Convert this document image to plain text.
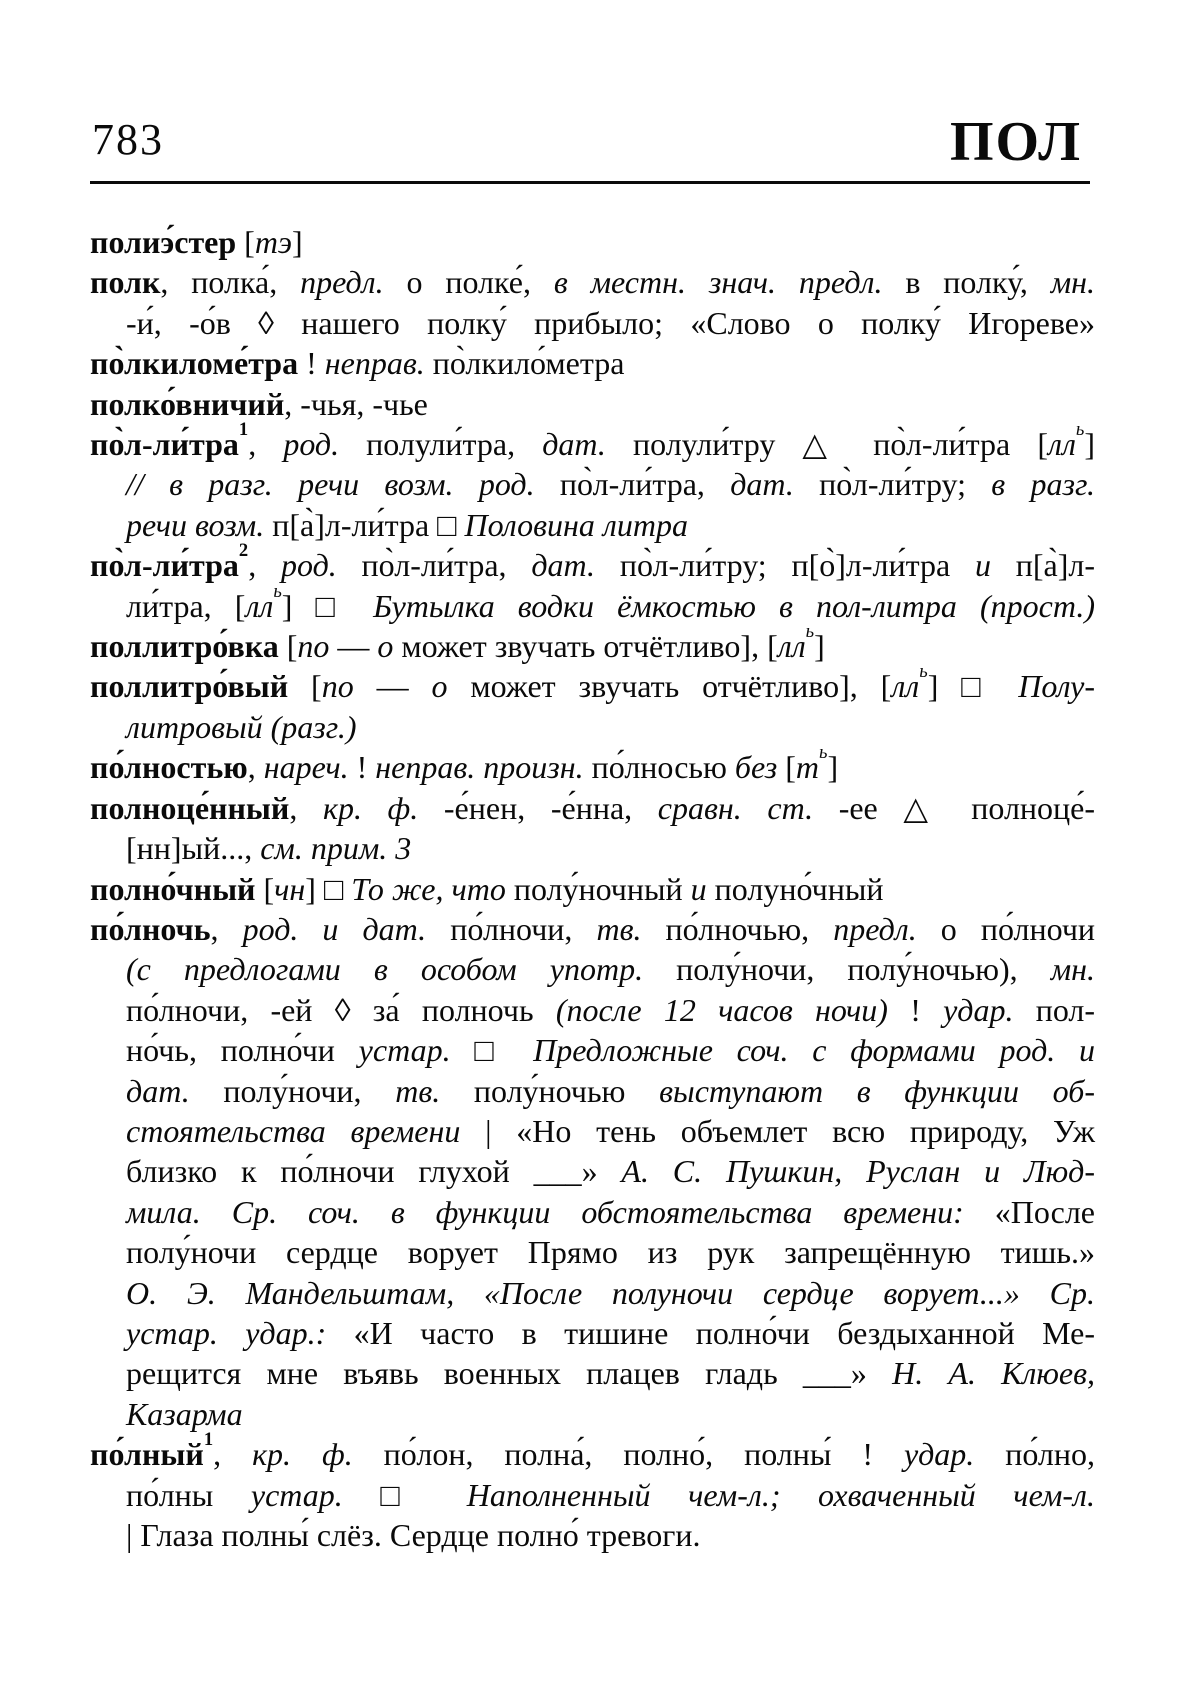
783	ПОЛ
полиэ́стер [тэ]
полк, полка́, предл. о полке́, в местн. знач. предл. в полку́, мн.
-и́, -о́в ◊ нашего полку́ прибыло; «Слово о полку́ Игореве»
по̀лкиломе́тра ! неправ. по̀лкило́метра
полко́вничий, -чья, -чье
по̀л-ли́тра$^1$, род. полули́тра, дат. полули́тру △ по̀л-ли́тра $[лл^ь]$
// в разг. речи возм. род. по̀л-ли́тра, дат. по̀л-ли́тру; в разг.
речи возм. п[а̀]л-ли́тра □ Половина литра
по̀л-ли́тра$^2$, род. по̀л-ли́тра, дат. по̀л-ли́тру; п[о̀]л-ли́тра и п[а̀]л-
ли́тра, $[лл^ь]$ □ Бутылка водки ёмкостью в пол-литра (прост.)
поллитро́вка [по — о может звучать отчётливо], $[лл^ь]$
поллитро́вый [по — о может звучать отчётливо], $[лл^ь]$ □ Полу-
литровый (разг.)
по́лностью, нареч. ! неправ. произн. по́лносью без $[т^ь]$
полноце́нный, кр. ф. -е́нен, -е́нна, сравн. ст. -ее △ полноце́-
[нн]ый..., см. прим. 3
полно́чный [чн] □ То же, что полу́ночный и полуно́чный
по́лночь, род. и дат. по́лночи, тв. по́лночью, предл. о по́лночи
(с предлогами в особом употр. полу́ночи, полу́ночью), мн.
по́лночи, -ей ◊ за́ полночь (после 12 часов ночи) ! удар. пол-
но́чь, полно́чи устар. □ Предложные соч. с формами род. и
дат. полу́ночи, тв. полу́ночью выступают в функции об-
стоятельства времени | «Но тень объемлет всю природу, Уж
близко к по́лночи глухой ___» А. С. Пушкин, Руслан и Люд-
мила. Ср. соч. в функции обстоятельства времени: «После
полу́ночи сердце ворует Прямо из рук запрещённую тишь.»
О. Э. Мандельштам, «После полуночи сердце ворует...» Ср.
устар. удар.: «И часто в тишине полно́чи бездыханной Ме-
рещится мне въявь военных плацев гладь ___» Н. А. Клюев,
Казарма
по́лный$^1$, кр. ф. по́лон, полна́, полно́, полны́ ! удар. по́лно,
по́лны устар. □ Наполненный чем-л.; охваченный чем-л.
| Глаза полны́ слёз. Сердце полно́ тревоги.
